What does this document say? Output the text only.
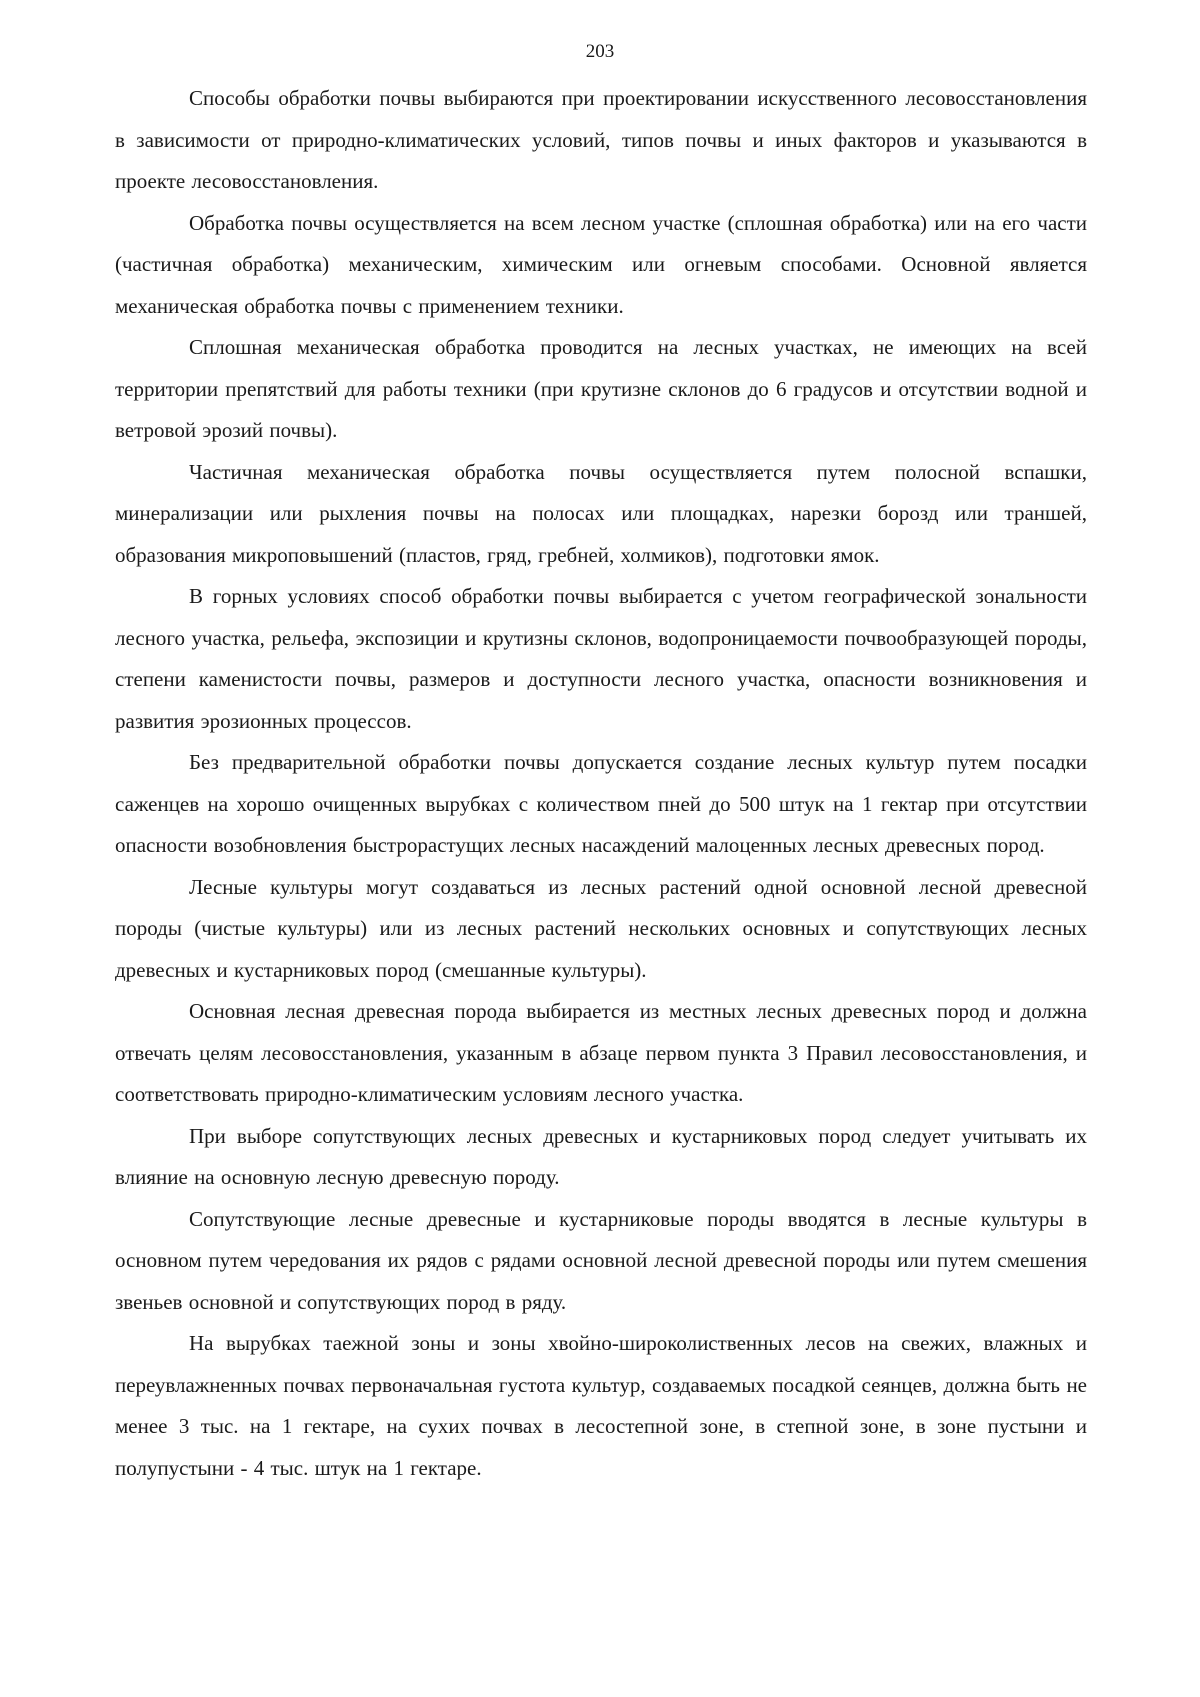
203

Способы обработки почвы выбираются при проектировании искусственного лесовосстановления в зависимости от природно-климатических условий, типов почвы и иных факторов и указываются в проекте лесовосстановления.

Обработка почвы осуществляется на всем лесном участке (сплошная обработка) или на его части (частичная обработка) механическим, химическим или огневым способами. Основной является механическая обработка почвы с применением техники.

Сплошная механическая обработка проводится на лесных участках, не имеющих на всей территории препятствий для работы техники (при крутизне склонов до 6 градусов и отсутствии водной и ветровой эрозий почвы).

Частичная механическая обработка почвы осуществляется путем полосной вспашки, минерализации или рыхления почвы на полосах или площадках, нарезки борозд или траншей, образования микроповышений (пластов, гряд, гребней, холмиков), подготовки ямок.

В горных условиях способ обработки почвы выбирается с учетом географической зональности лесного участка, рельефа, экспозиции и крутизны склонов, водопроницаемости почвообразующей породы, степени каменистости почвы, размеров и доступности лесного участка, опасности возникновения и развития эрозионных процессов.

Без предварительной обработки почвы допускается создание лесных культур путем посадки саженцев на хорошо очищенных вырубках с количеством пней до 500 штук на 1 гектар при отсутствии опасности возобновления быстрорастущих лесных насаждений малоценных лесных древесных пород.

Лесные культуры могут создаваться из лесных растений одной основной лесной древесной породы (чистые культуры) или из лесных растений нескольких основных и сопутствующих лесных древесных и кустарниковых пород (смешанные культуры).

Основная лесная древесная порода выбирается из местных лесных древесных пород и должна отвечать целям лесовосстановления, указанным в абзаце первом пункта 3 Правил лесовосстановления, и соответствовать природно-климатическим условиям лесного участка.

При выборе сопутствующих лесных древесных и кустарниковых пород следует учитывать их влияние на основную лесную древесную породу.

Сопутствующие лесные древесные и кустарниковые породы вводятся в лесные культуры в основном путем чередования их рядов с рядами основной лесной древесной породы или путем смешения звеньев основной и сопутствующих пород в ряду.

На вырубках таежной зоны и зоны хвойно-широколиственных лесов на свежих, влажных и переувлажненных почвах первоначальная густота культур, создаваемых посадкой сеянцев, должна быть не менее 3 тыс. на 1 гектаре, на сухих почвах в лесостепной зоне, в степной зоне, в зоне пустыни и полупустыни - 4 тыс. штук на 1 гектаре.
